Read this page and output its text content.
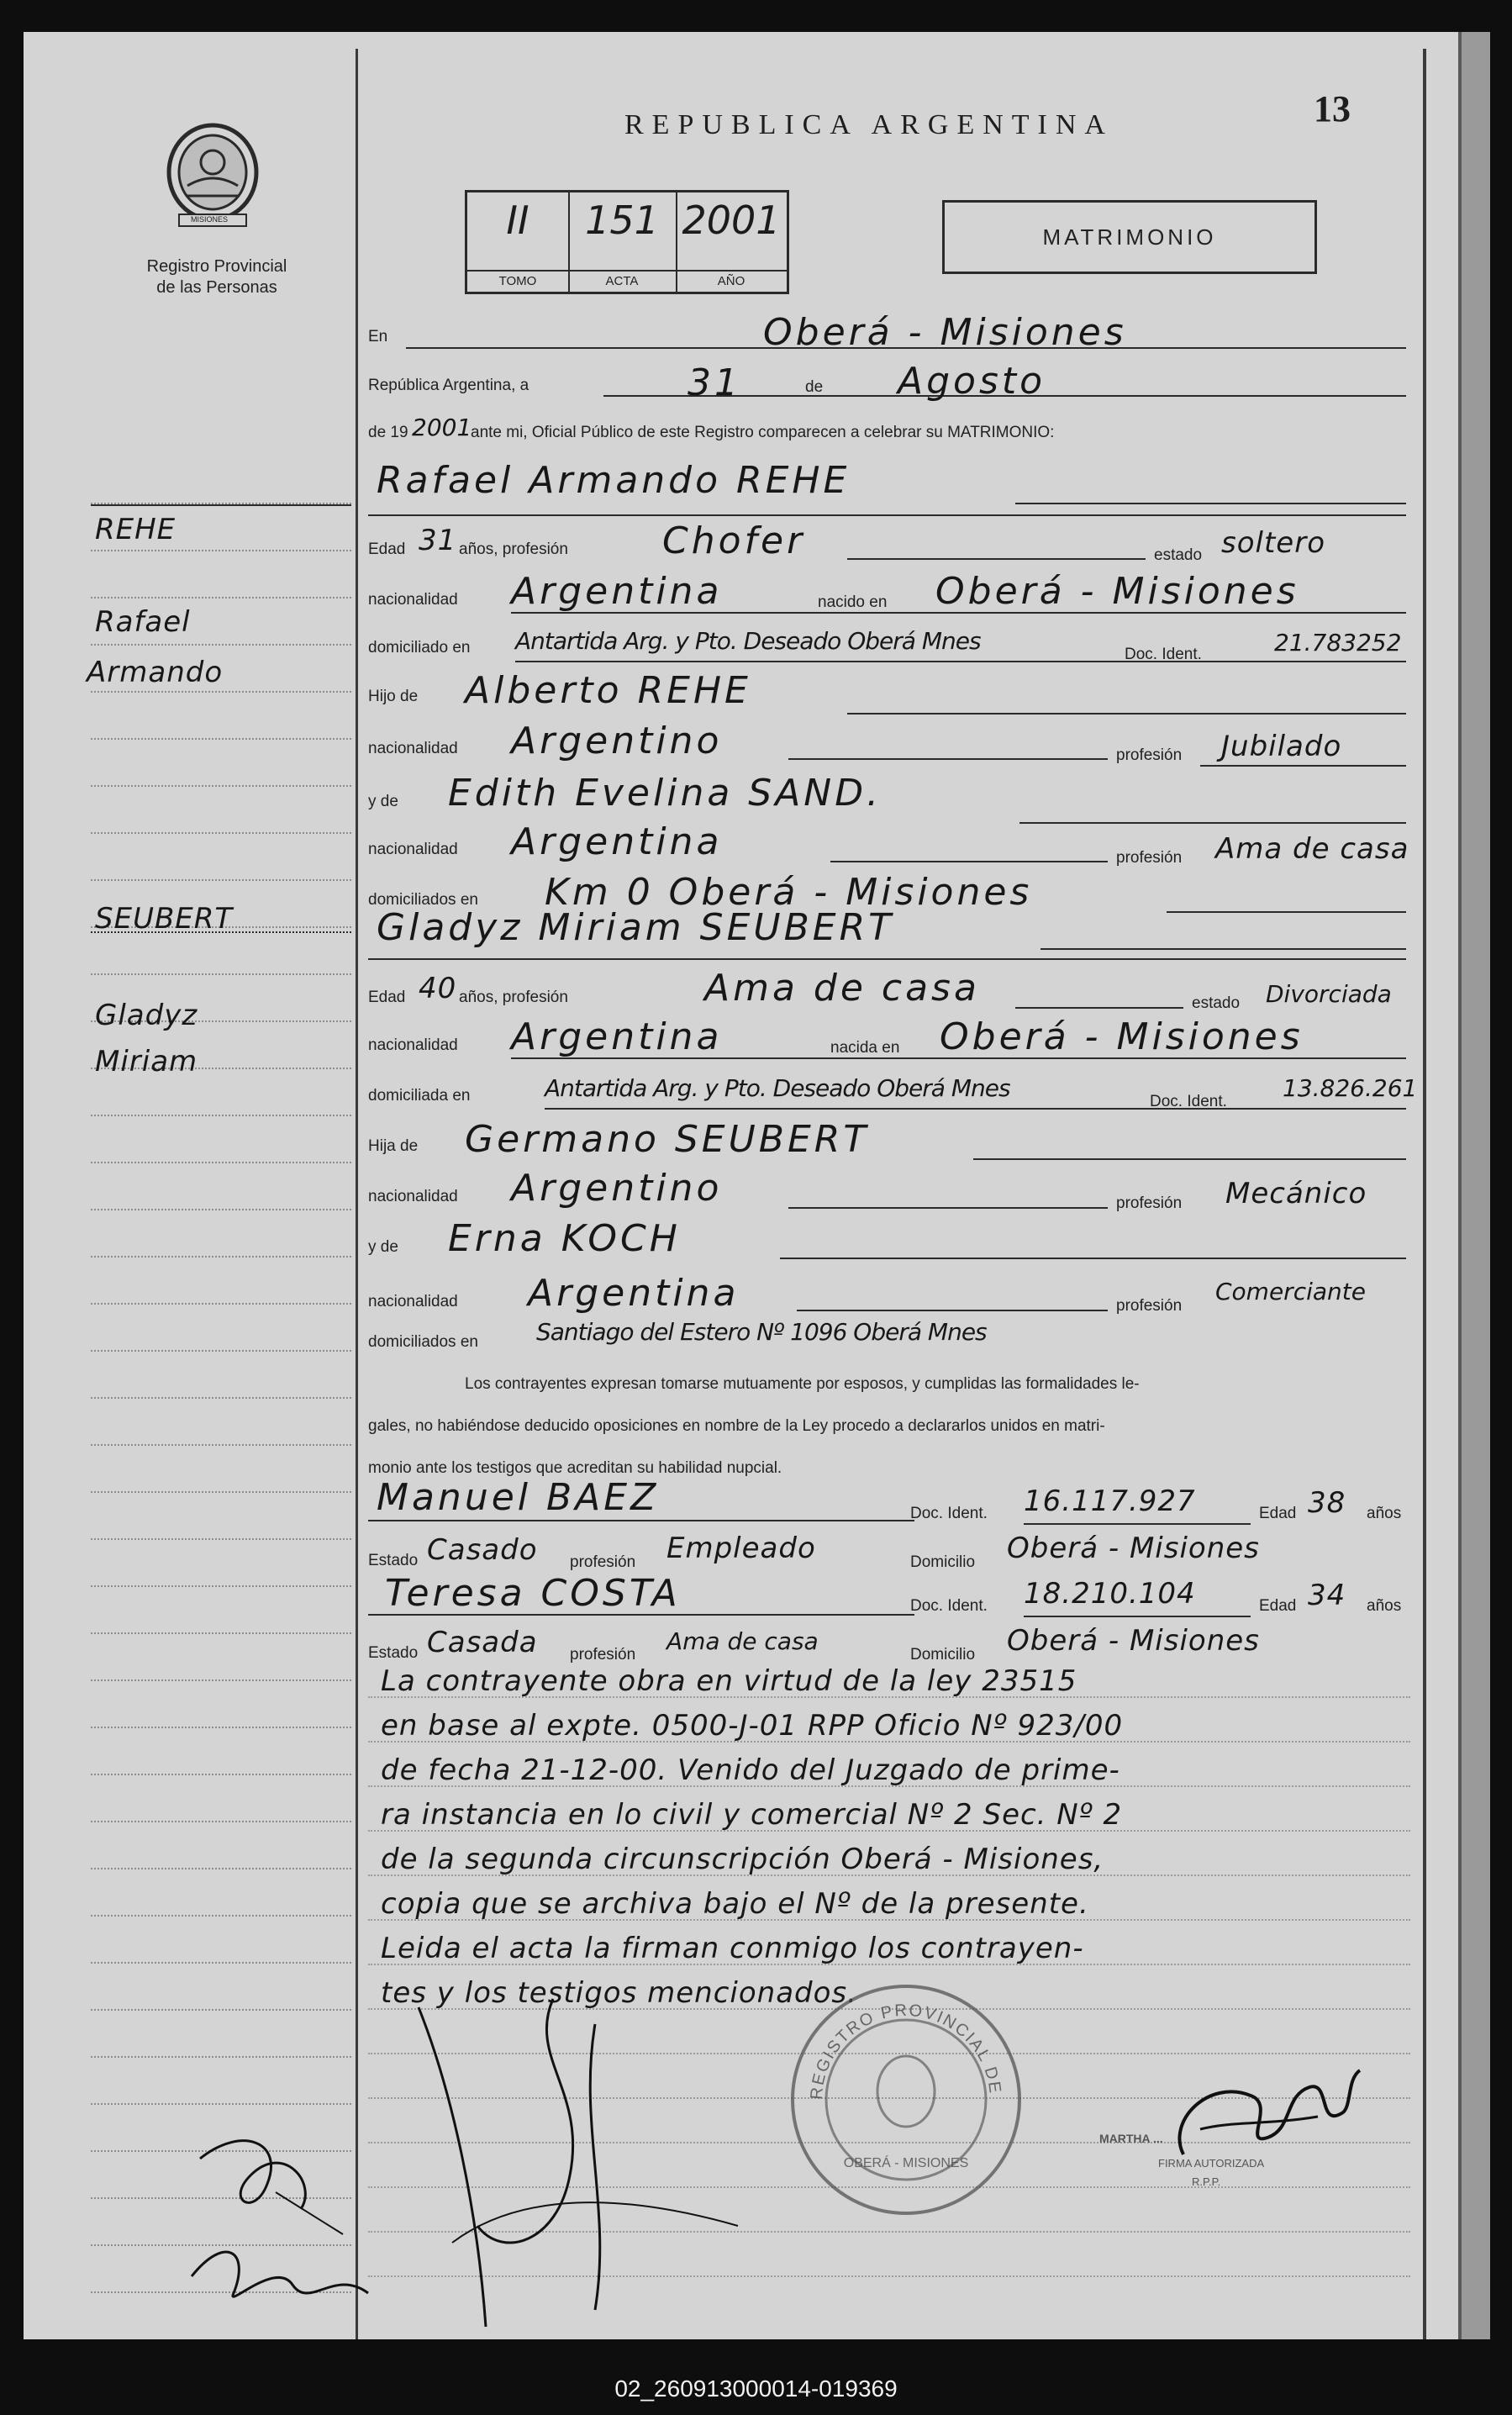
MISIONES
Registro Provincial
de las Personas
REPUBLICA ARGENTINA	13
II
TOMO
151
ACTA
2001
AÑO
MATRIMONIO
En	Oberá - Misiones
República Argentina, a	31	de Agosto
de 19 2001
ante mi, Oficial Público de este Registro comparecen a celebrar su MATRIMONIO:
REHE
Rafael
Armando
SEUBERT
Gladyz
Miriam
Rafael Armando REHE
Edad 31 años, profesión	Chofer	estado soltero
nacionalidad Argentina	nacido en Oberá - Misiones
domiciliado en Antartida Arg. y Pto. Deseado Oberá Mnes	Doc. Ident.	21.783252
Hijo de Alberto REHE
nacionalidad Argentino	profesión Jubilado
y de Edith Evelina SAND.
nacionalidad Argentina	profesión Ama de casa
domiciliados en Km 0 Oberá - Misiones
Gladyz Miriam SEUBERT
Edad 40 años, profesión	Ama de casa	estado Divorciada
nacionalidad Argentina	nacida en Oberá - Misiones
domiciliada en	Antartida Arg. y Pto. Deseado Oberá Mnes	Doc. Ident. 13.826.261
Hija de Germano SEUBERT
nacionalidad Argentino	profesión Mecánico
y de Erna KOCH
nacionalidad Argentina	profesión
Comerciante
domiciliados en Santiago del Estero Nº 1096 Oberá Mnes
Los contrayentes expresan tomarse mutuamente por esposos, y cumplidas las formalidades le-
gales, no habiéndose deducido oposiciones en nombre de la Ley procedo a declararlos unidos en matri-
monio ante los testigos que acreditan su habilidad nupcial.
Manuel BAEZ	Doc. Ident. 16.117.927	Edad 38 años
Estado Casado profesión Empleado	Domicilio Oberá - Misiones
Teresa COSTA	Doc. Ident. 18.210.104	Edad 34 años
Estado Casada profesión Ama de casa	Domicilio Oberá - Misiones
La contrayente obra en virtud de la ley 23515
en base al expte. 0500-J-01 RPP Oficio Nº 923/00
de fecha 21-12-00. Venido del Juzgado de prime-
ra instancia en lo civil y comercial Nº 2 Sec. Nº 2
de la segunda circunscripción Oberá - Misiones,
copia que se archiva bajo el Nº de la presente.
Leida el acta la firman conmigo los contrayen-
tes y los testigos mencionados.
REGISTRO PROVINCIAL DE
OBERÁ - MISIONES
MARTHA ...
FIRMA AUTORIZADA
R.P.P.
02_260913000014-019369
